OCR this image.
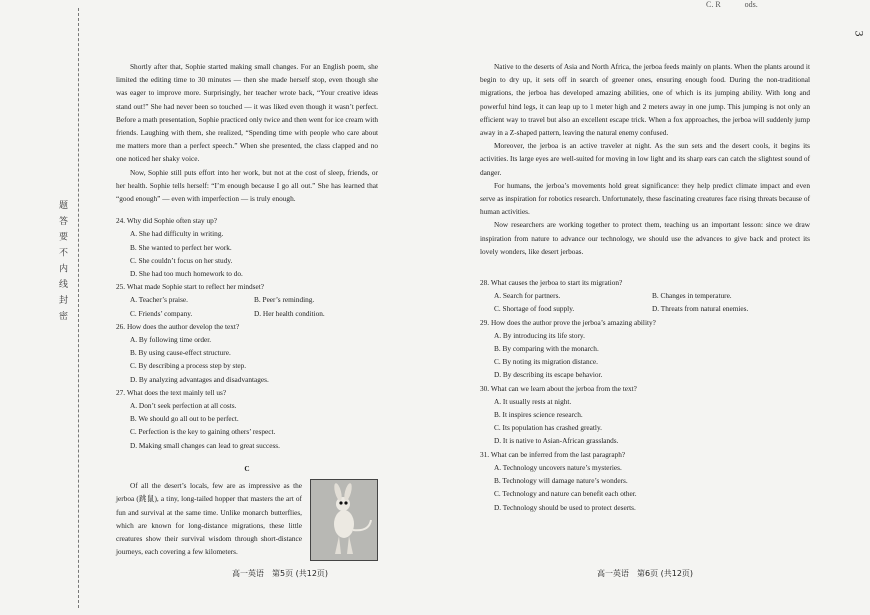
C. R      ods.
3
题 答 要 不 内 线 封 密

Shortly after that, Sophie started making small changes. For an English poem, she limited the editing time to 30 minutes — then she made herself stop, even though she was eager to improve more. Surprisingly, her teacher wrote back, “Your creative ideas stand out!” She had never been so touched — it was liked even though it wasn’t perfect. Before a math presentation, Sophie practiced only twice and then went for ice cream with friends. Laughing with them, she realized, “Spending time with people who care about me matters more than a perfect speech.” When she presented, the class clapped and no one noticed her shaky voice.

Now, Sophie still puts effort into her work, but not at the cost of sleep, friends, or her health. Sophie tells herself: “I’m enough because I go all out.” She has learned that “good enough” — even with imperfection — is truly enough.

24. Why did Sophie often stay up?
A. She had difficulty in writing.
B. She wanted to perfect her work.
C. She couldn’t focus on her study.
D. She had too much homework to do.
25. What made Sophie start to reflect her mindset?
A. Teacher’s praise.	B. Peer’s reminding.
C. Friends’ company.	D. Her health condition.
26. How does the author develop the text?
A. By following time order.
B. By using cause-effect structure.
C. By describing a process step by step.
D. By analyzing advantages and disadvantages.
27. What does the text mainly tell us?
A. Don’t seek perfection at all costs.
B. We should go all out to be perfect.
C. Perfection is the key to gaining others’ respect.
D. Making small changes can lead to great success.
C

Of all the desert’s locals, few are as impressive as the jerboa (跳鼠), a tiny, long-tailed hopper that masters the art of fun and survival at the same time. Unlike monarch butterflies, which are known for long-distance migrations, these little creatures show their survival wisdom through short-distance journeys, each covering a few kilometers.

Native to the deserts of Asia and North Africa, the jerboa feeds mainly on plants. When the plants around it begin to dry up, it sets off in search of greener ones, ensuring enough food. During the non-traditional migrations, the jerboa has developed amazing abilities, one of which is its jumping ability. With long and powerful hind legs, it can leap up to 1 meter high and 2 meters away in one jump. This jumping is not only an efficient way to travel but also an excellent escape trick. When a fox approaches, the jerboa will suddenly jump away in a Z-shaped pattern, leaving the natural enemy confused.

Moreover, the jerboa is an active traveler at night. As the sun sets and the desert cools, it begins its activities. Its large eyes are well-suited for moving in low light and its sharp ears can catch the slightest sound of danger.

For humans, the jerboa’s movements hold great significance: they help predict climate impact and even serve as inspiration for robotics research. Unfortunately, these fascinating creatures face rising threats because of human activities.

Now researchers are working together to protect them, teaching us an important lesson: since we draw inspiration from nature to advance our technology, we should use the advances to give back and protect its lovely wonders, like desert jerboas.

28. What causes the jerboa to start its migration?
A. Search for partners.	B. Changes in temperature.
C. Shortage of food supply.	D. Threats from natural enemies.
29. How does the author prove the jerboa’s amazing ability?
A. By introducing its life story.
B. By comparing with the monarch.
C. By noting its migration distance.
D. By describing its escape behavior.
30. What can we learn about the jerboa from the text?
A. It usually rests at night.
B. It inspires science research.
C. Its population has crashed greatly.
D. It is native to Asian-African grasslands.
31. What can be inferred from the last paragraph?
A. Technology uncovers nature’s mysteries.
B. Technology will damage nature’s wonders.
C. Technology and nature can benefit each other.
D. Technology should be used to protect deserts.
高一英语　第5页 (共12页)	高一英语　第6页 (共12页)
